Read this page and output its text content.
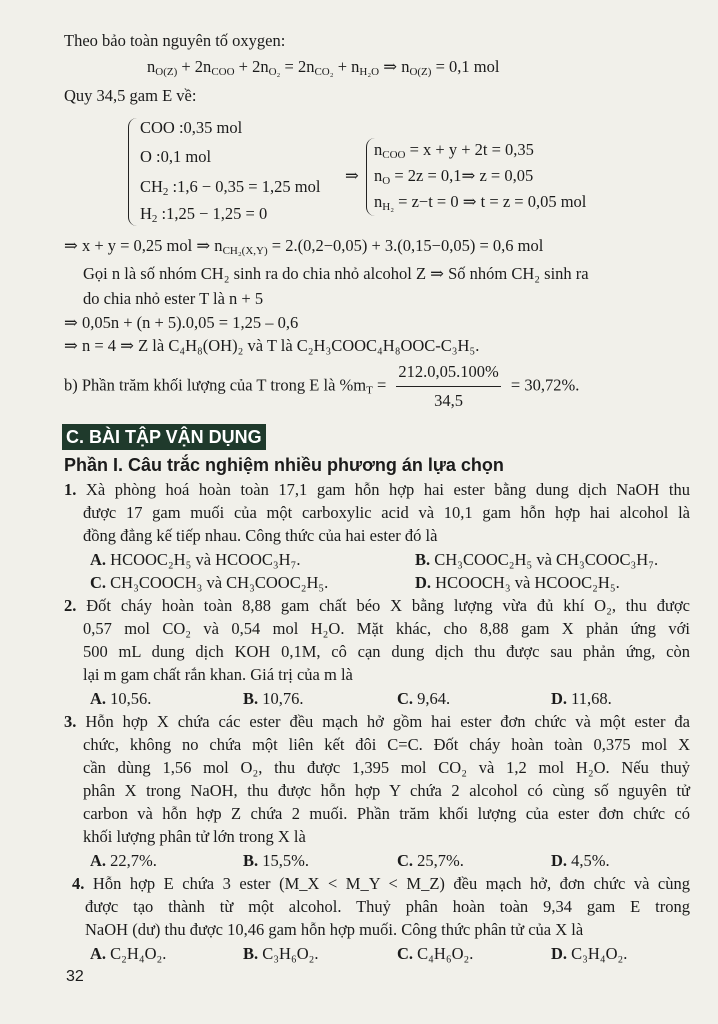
Theo bảo toàn nguyên tố oxygen:
$n_{O(Z)} + 2n_{COO} + 2n_{O_2} = 2n_{CO_2} + n_{H_2O}$ ⇒ $n_{O(Z)} = 0,1$ mol
Quy 34,5 gam E về:
COO :0,35 mol
O :0,1 mol
$CH_2$ :1,6 − 0,35 = 1,25 mol
$H_2$ :1,25 − 1,25 = 0
⇒
$n_{COO} = x + y + 2t = 0,35$
$n_O = 2z$ = 0,1⇒ z = 0,05
$n_{H_2} = z-t = 0$ ⇒ t = z = 0,05 mol
⇒ x + y = 0,25 mol ⇒ $n_{CH_2(X,Y)} = 2.(0,2-0,05) + 3.(0,15-0,05) = 0,6$ mol
Gọi n là số nhóm CH₂ sinh ra do chia nhỏ alcohol Z ⇒ Số nhóm CH₂ sinh ra
do chia nhỏ ester T là n + 5
⇒ 0,05n + (n + 5).0,05 = 1,25 – 0,6
⇒ n = 4 ⇒ Z là C₄H₈(OH)₂ và T là C₂H₃COOC₄H₈OOC-C₃H₅.
b) Phần trăm khối lượng của T trong E là $\%m_T = \frac{212.0,05.100\%}{34,5} = 30,72\%$.
C. BÀI TẬP VẬN DỤNG
Phần I. Câu trắc nghiệm nhiều phương án lựa chọn
1. Xà phòng hoá hoàn toàn 17,1 gam hỗn hợp hai ester bằng dung dịch NaOH thu
được 17 gam muối của một carboxylic acid và 10,1 gam hỗn hợp hai alcohol là
đồng đẳng kế tiếp nhau. Công thức của hai ester đó là
A. HCOOC₂H₅ và HCOOC₃H₇.	B. CH₃COOC₂H₅ và CH₃COOC₃H₇.
C. CH₃COOCH₃ và CH₃COOC₂H₅.	D. HCOOCH₃ và HCOOC₂H₅.
2. Đốt cháy hoàn toàn 8,88 gam chất béo X bằng lượng vừa đủ khí O₂, thu được
0,57 mol CO₂ và 0,54 mol H₂O. Mặt khác, cho 8,88 gam X phản ứng với
500 mL dung dịch KOH 0,1M, cô cạn dung dịch thu được sau phản ứng, còn
lại m gam chất rắn khan. Giá trị của m là
A. 10,56.	B. 10,76.	C. 9,64.	D. 11,68.
3. Hỗn hợp X chứa các ester đều mạch hở gồm hai ester đơn chức và một ester đa
chức, không no chứa một liên kết đôi C=C. Đốt cháy hoàn toàn 0,375 mol X
cần dùng 1,56 mol O₂, thu được 1,395 mol CO₂ và 1,2 mol H₂O. Nếu thuỷ
phân X trong NaOH, thu được hỗn hợp Y chứa 2 alcohol có cùng số nguyên tử
carbon và hỗn hợp Z chứa 2 muối. Phần trăm khối lượng của ester đơn chức có
khối lượng phân tử lớn trong X là
A. 22,7%.	B. 15,5%.	C. 25,7%.	D. 4,5%.
4. Hỗn hợp E chứa 3 ester (M_X < M_Y < M_Z) đều mạch hở, đơn chức và cùng
được tạo thành từ một alcohol. Thuỷ phân hoàn toàn 9,34 gam E trong
NaOH (dư) thu được 10,46 gam hỗn hợp muối. Công thức phân tử của X là
A. C₂H₄O₂.	B. C₃H₆O₂.	C. C₄H₆O₂.	D. C₃H₄O₂.
32
